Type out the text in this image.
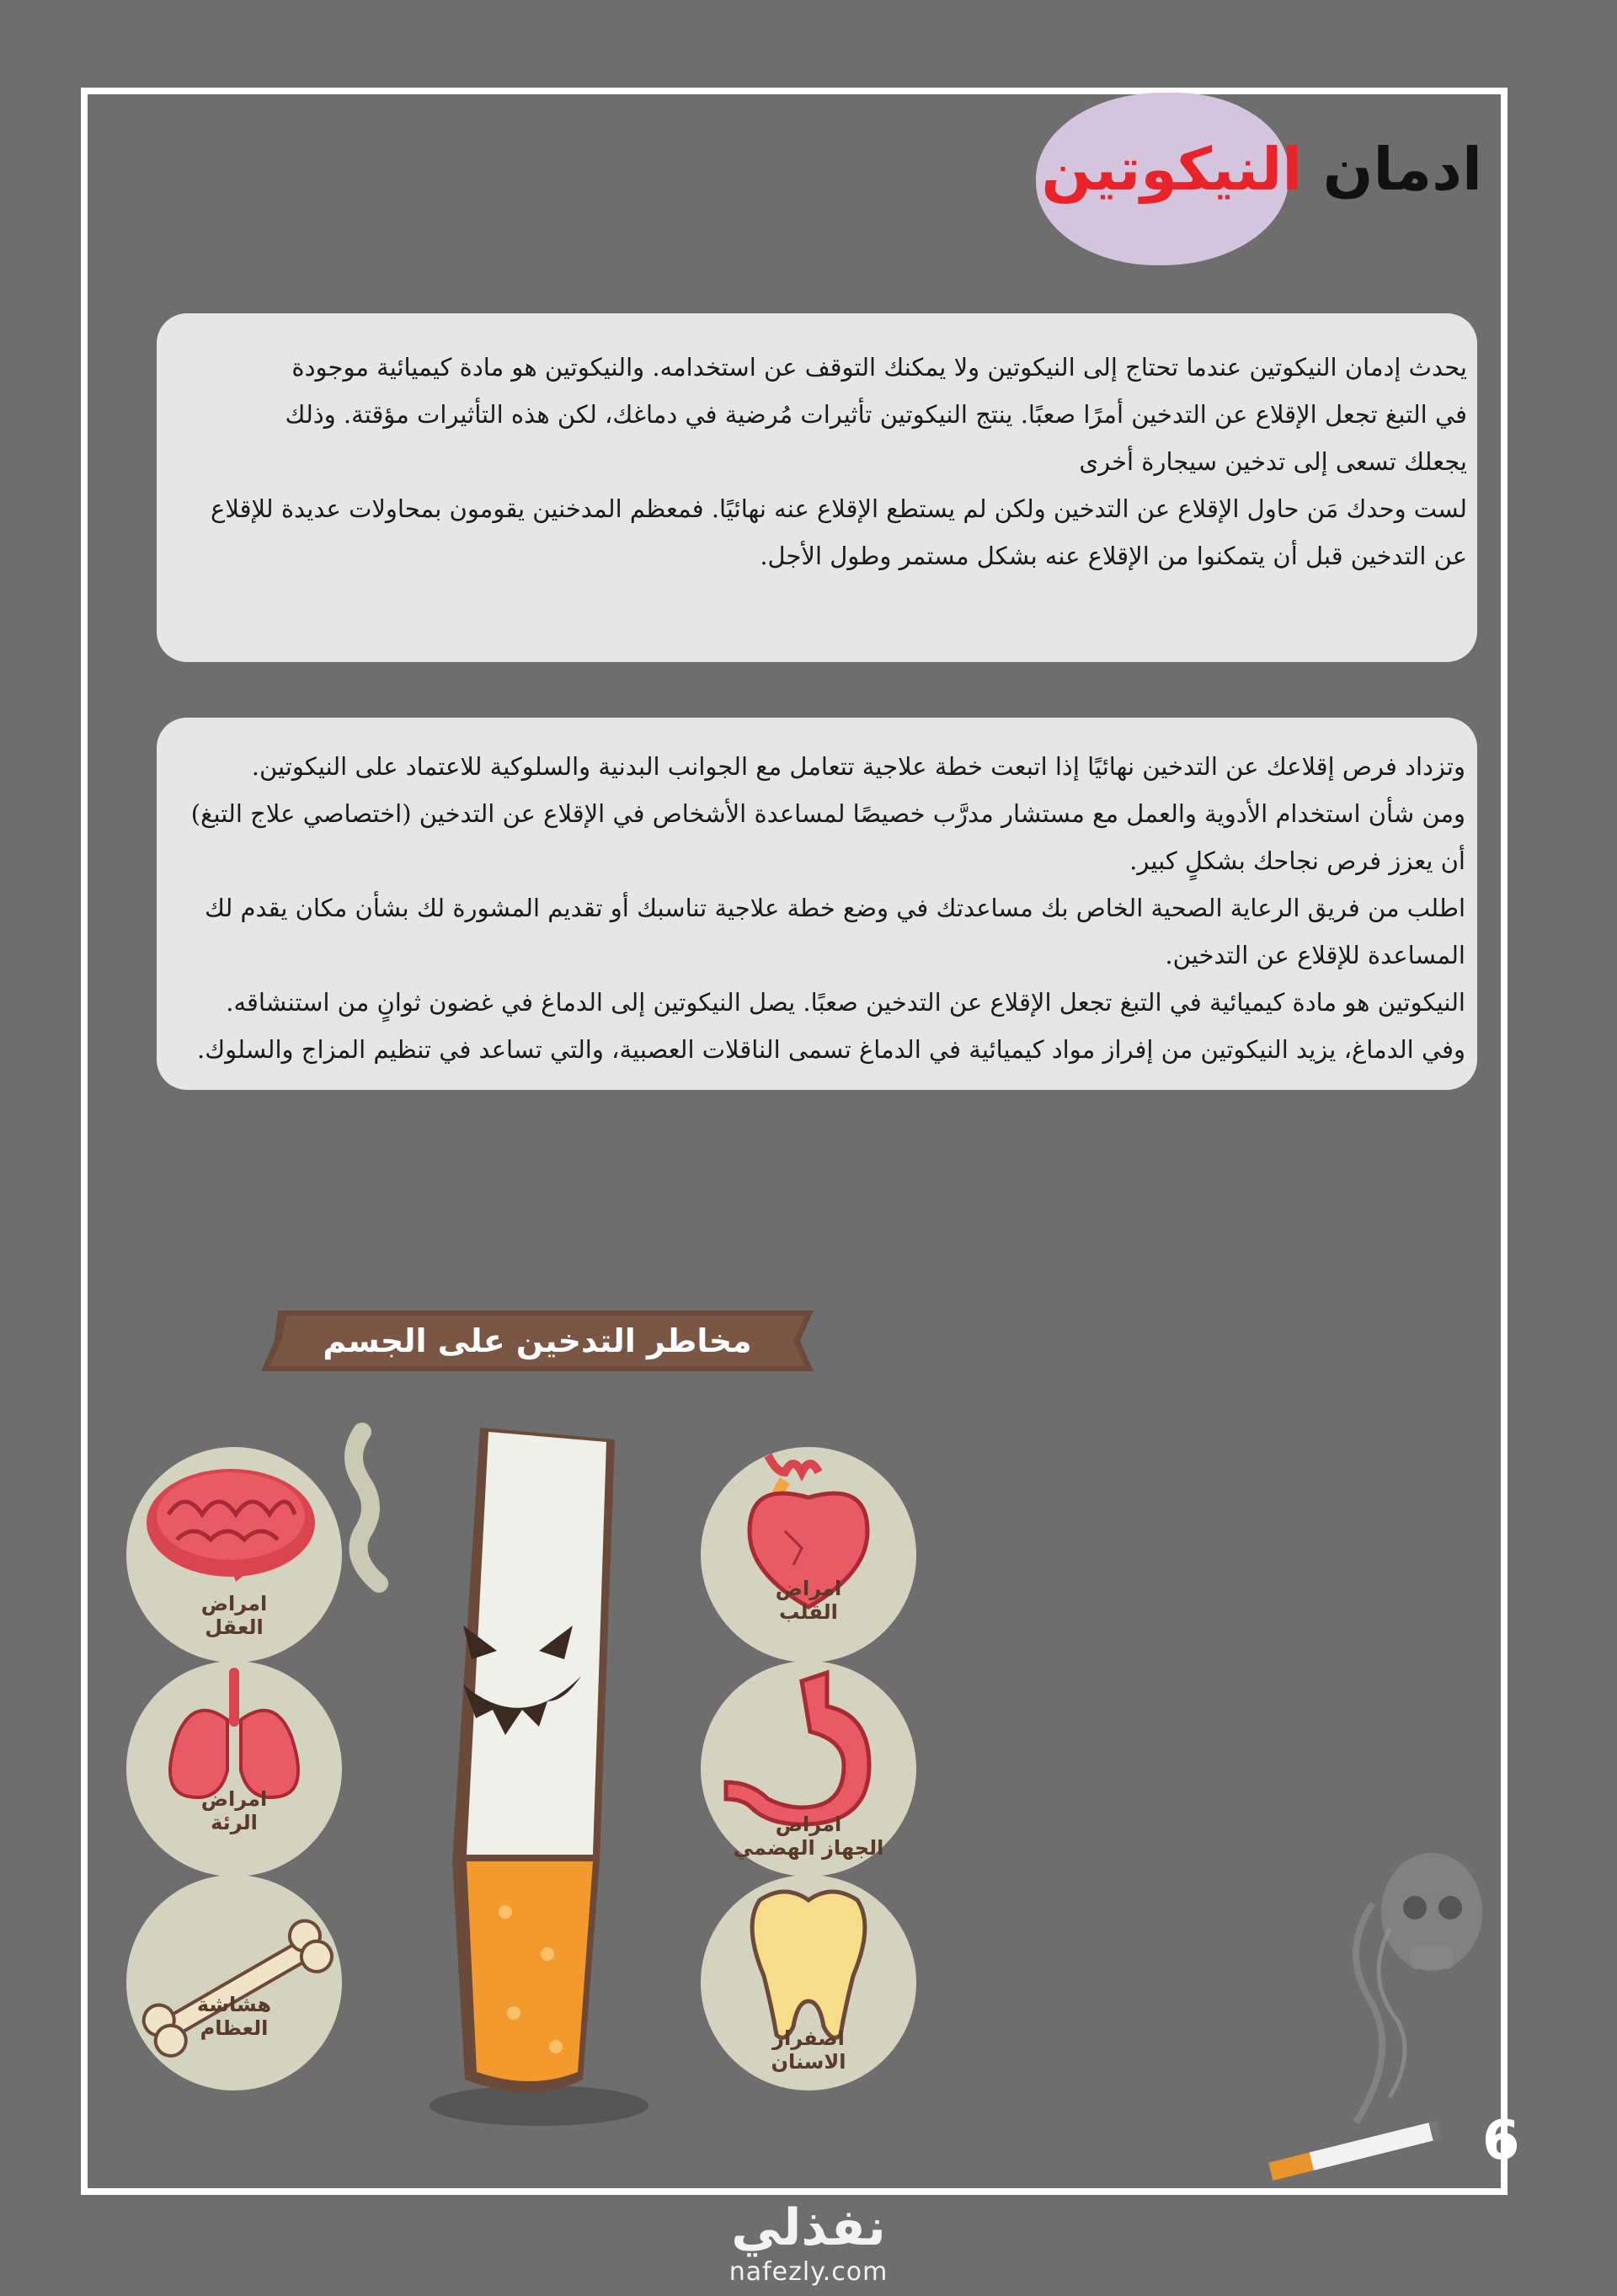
ادمان النيكوتين

يحدث إدمان النيكوتين عندما تحتاج إلى النيكوتين ولا يمكنك التوقف عن استخدامه. والنيكوتين هو مادة كيميائية موجودة

في التبغ تجعل الإقلاع عن التدخين أمرًا صعبًا. ينتج النيكوتين تأثيرات مُرضية في دماغك، لكن هذه التأثيرات مؤقتة. وذلك

يجعلك تسعى إلى تدخين سيجارة أخرى

لست وحدك مَن حاول الإقلاع عن التدخين ولكن لم يستطع الإقلاع عنه نهائيًا. فمعظم المدخنين يقومون بمحاولات عديدة للإقلاع

عن التدخين قبل أن يتمكنوا من الإقلاع عنه بشكل مستمر وطول الأجل.

وتزداد فرص إقلاعك عن التدخين نهائيًا إذا اتبعت خطة علاجية تتعامل مع الجوانب البدنية والسلوكية للاعتماد على النيكوتين.

ومن شأن استخدام الأدوية والعمل مع مستشار مدرَّب خصيصًا لمساعدة الأشخاص في الإقلاع عن التدخين (اختصاصي علاج التبغ)

أن يعزز فرص نجاحك بشكلٍ كبير.

اطلب من فريق الرعاية الصحية الخاص بك مساعدتك في وضع خطة علاجية تناسبك أو تقديم المشورة لك بشأن مكان يقدم لك

المساعدة للإقلاع عن التدخين.

النيكوتين هو مادة كيميائية في التبغ تجعل الإقلاع عن التدخين صعبًا. يصل النيكوتين إلى الدماغ في غضون ثوانٍ من استنشاقه.

وفي الدماغ، يزيد النيكوتين من إفراز مواد كيميائية في الدماغ تسمى الناقلات العصبية، والتي تساعد في تنظيم المزاج والسلوك.

مخاطر التدخين على الجسم
امراض
العقل
امراض
الرئة
هشاشة
العظام
امراض
القلب
امراض
الجهاز الهضمي
اصفرار
الاسنان
6
نفذلي
nafezly.com
